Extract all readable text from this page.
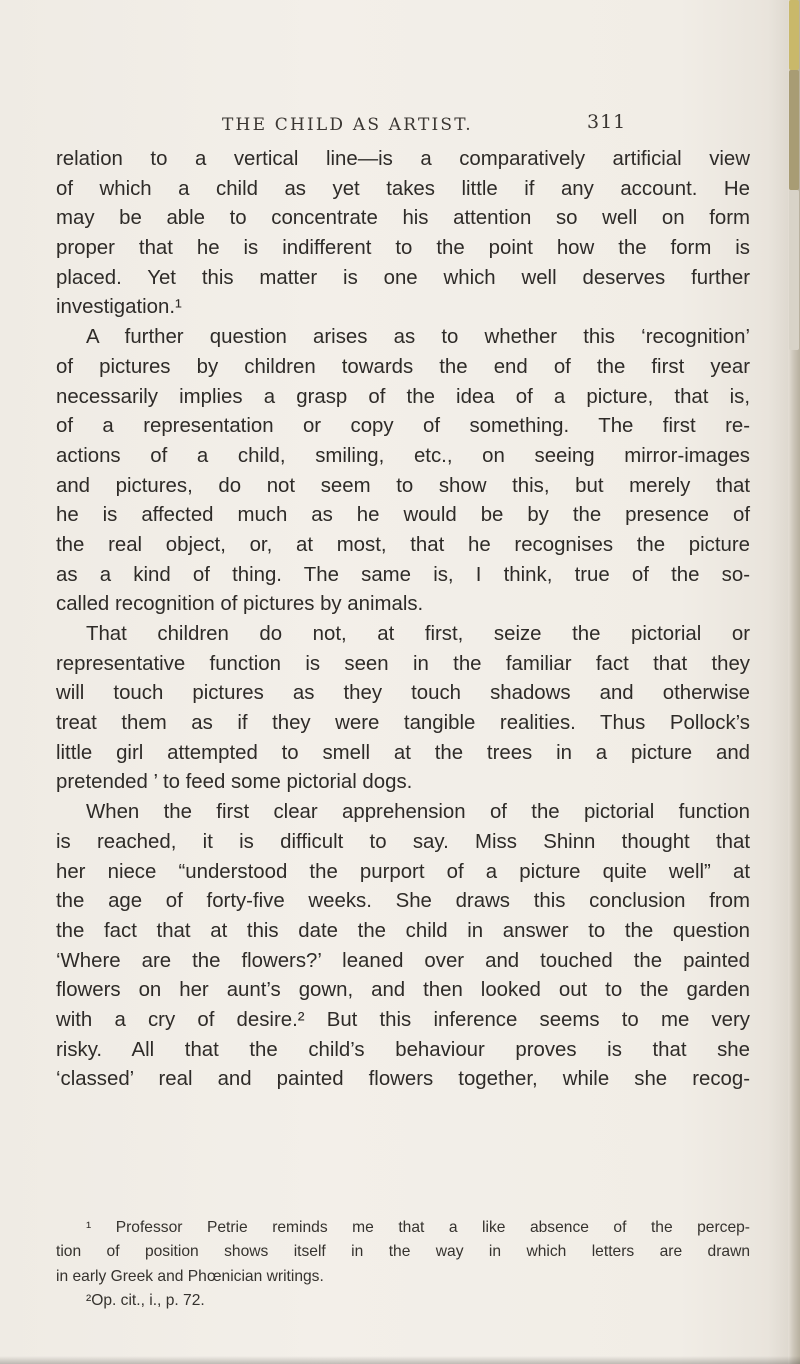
THE CHILD AS ARTIST.	311
relation to a vertical line—is a comparatively artificial view
of which a child as yet takes little if any account. He
may be able to concentrate his attention so well on form
proper that he is indifferent to the point how the form is
placed. Yet this matter is one which well deserves further
investigation.¹
A further question arises as to whether this ‘recognition’
of pictures by children towards the end of the first year
necessarily implies a grasp of the idea of a picture, that is,
of a representation or copy of something. The first re-
actions of a child, smiling, etc., on seeing mirror-images
and pictures, do not seem to show this, but merely that
he is affected much as he would be by the presence of
the real object, or, at most, that he recognises the picture
as a kind of thing. The same is, I think, true of the so-
called recognition of pictures by animals.
That children do not, at first, seize the pictorial or
representative function is seen in the familiar fact that they
will touch pictures as they touch shadows and otherwise
treat them as if they were tangible realities. Thus Pollock’s
little girl attempted to smell at the trees in a picture and
pretended ’ to feed some pictorial dogs.
When the first clear apprehension of the pictorial function
is reached, it is difficult to say. Miss Shinn thought that
her niece “understood the purport of a picture quite well” at
the age of forty-five weeks. She draws this conclusion from
the fact that at this date the child in answer to the question
‘Where are the flowers?’ leaned over and touched the painted
flowers on her aunt’s gown, and then looked out to the garden
with a cry of desire.² But this inference seems to me very
risky. All that the child’s behaviour proves is that she
‘classed’ real and painted flowers together, while she recog-
¹ Professor Petrie reminds me that a like absence of the percep-
tion of position shows itself in the way in which letters are drawn
in early Greek and Phœnician writings.
²Op. cit., i., p. 72.
